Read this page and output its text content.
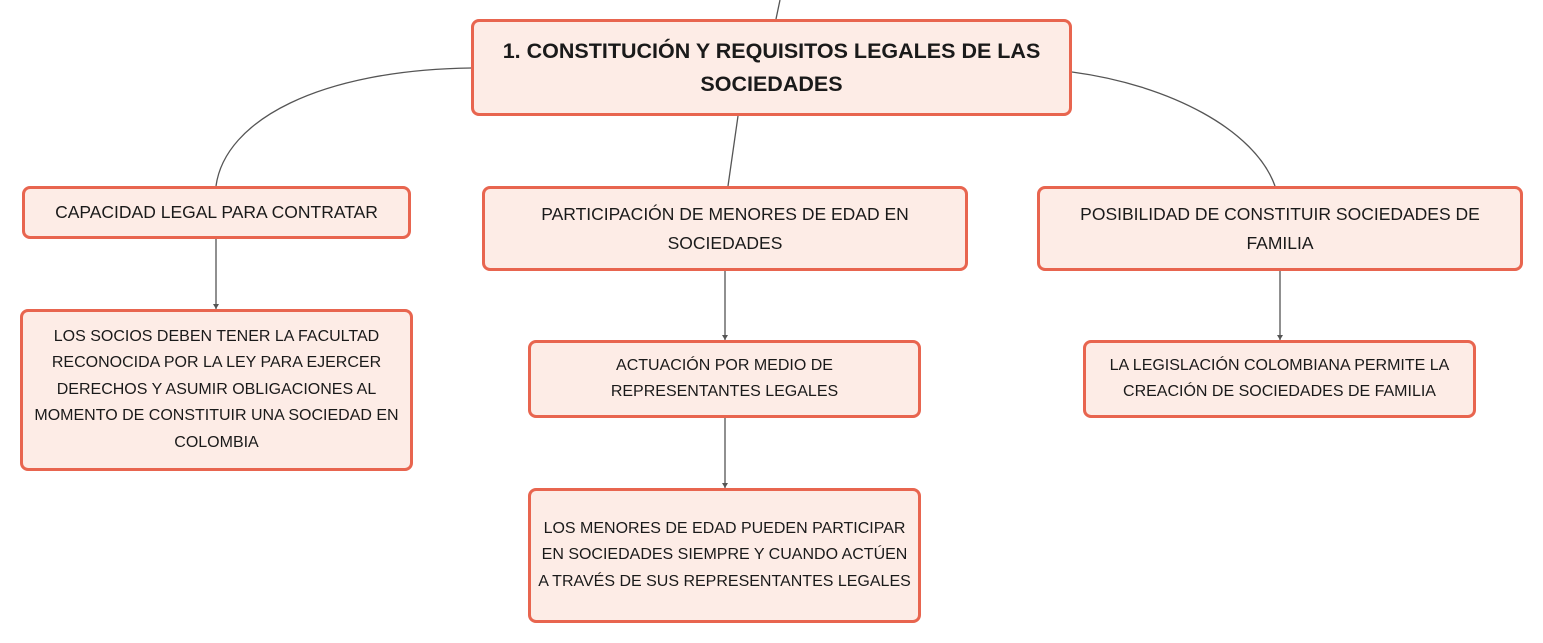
1. CONSTITUCIÓN Y REQUISITOS LEGALES DE LAS SOCIEDADES
CAPACIDAD LEGAL PARA CONTRATAR	PARTICIPACIÓN DE MENORES DE EDAD EN SOCIEDADES
POSIBILIDAD DE CONSTITUIR SOCIEDADES DE FAMILIA
LOS SOCIOS DEBEN TENER LA FACULTAD RECONOCIDA POR LA LEY PARA EJERCER DERECHOS Y ASUMIR OBLIGACIONES AL MOMENTO DE CONSTITUIR UNA SOCIEDAD EN COLOMBIA
ACTUACIÓN POR MEDIO DE REPRESENTANTES LEGALES
LA LEGISLACIÓN COLOMBIANA PERMITE LA CREACIÓN DE SOCIEDADES DE FAMILIA
LOS MENORES DE EDAD PUEDEN PARTICIPAR EN SOCIEDADES SIEMPRE Y CUANDO ACTÚEN A TRAVÉS DE SUS REPRESENTANTES LEGALES
